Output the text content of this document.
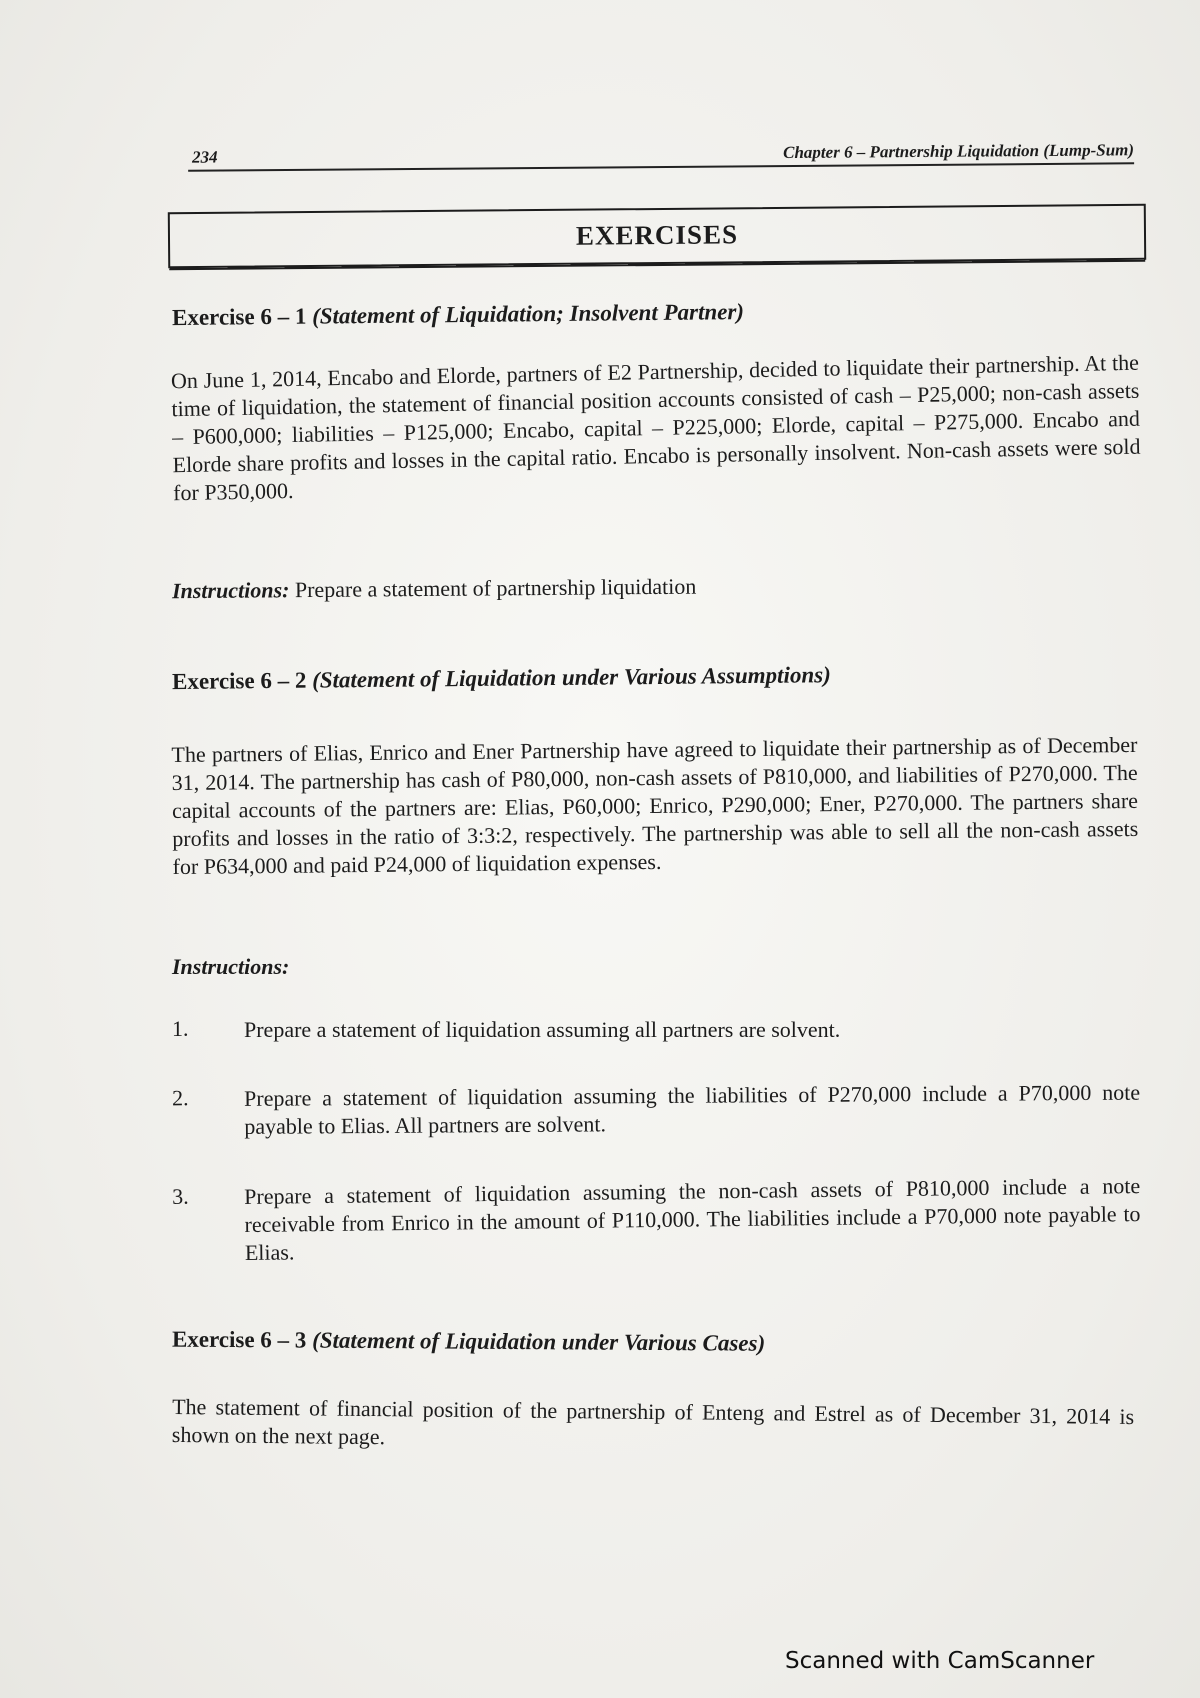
234	Chapter 6 – Partnership Liquidation (Lump-Sum)
EXERCISES

Exercise 6 – 1 (Statement of Liquidation; Insolvent Partner)

On June 1, 2014, Encabo and Elorde, partners of E2 Partnership, decided to liquidate their partnership. At the time of liquidation, the statement of financial position accounts consisted of cash – P25,000; non-cash assets – P600,000; liabilities – P125,000; Encabo, capital – P225,000; Elorde, capital – P275,000. Encabo and Elorde share profits and losses in the capital ratio. Encabo is personally insolvent. Non-cash assets were sold for P350,000.

Instructions: Prepare a statement of partnership liquidation

Exercise 6 – 2 (Statement of Liquidation under Various Assumptions)

The partners of Elias, Enrico and Ener Partnership have agreed to liquidate their partnership as of December 31, 2014. The partnership has cash of P80,000, non-cash assets of P810,000, and liabilities of P270,000. The capital accounts of the partners are: Elias, P60,000; Enrico, P290,000; Ener, P270,000. The partners share profits and losses in the ratio of 3:3:2, respectively. The partnership was able to sell all the non-cash assets for P634,000 and paid P24,000 of liquidation expenses.

Instructions:

1.	Prepare a statement of liquidation assuming all partners are solvent.
2.	Prepare a statement of liquidation assuming the liabilities of P270,000 include a P70,000 note payable to Elias. All partners are solvent.
3.	Prepare a statement of liquidation assuming the non-cash assets of P810,000 include a note receivable from Enrico in the amount of P110,000. The liabilities include a P70,000 note payable to Elias.

Exercise 6 – 3 (Statement of Liquidation under Various Cases)

The statement of financial position of the partnership of Enteng and Estrel as of December 31, 2014 is shown on the next page.

Scanned with CamScanner
